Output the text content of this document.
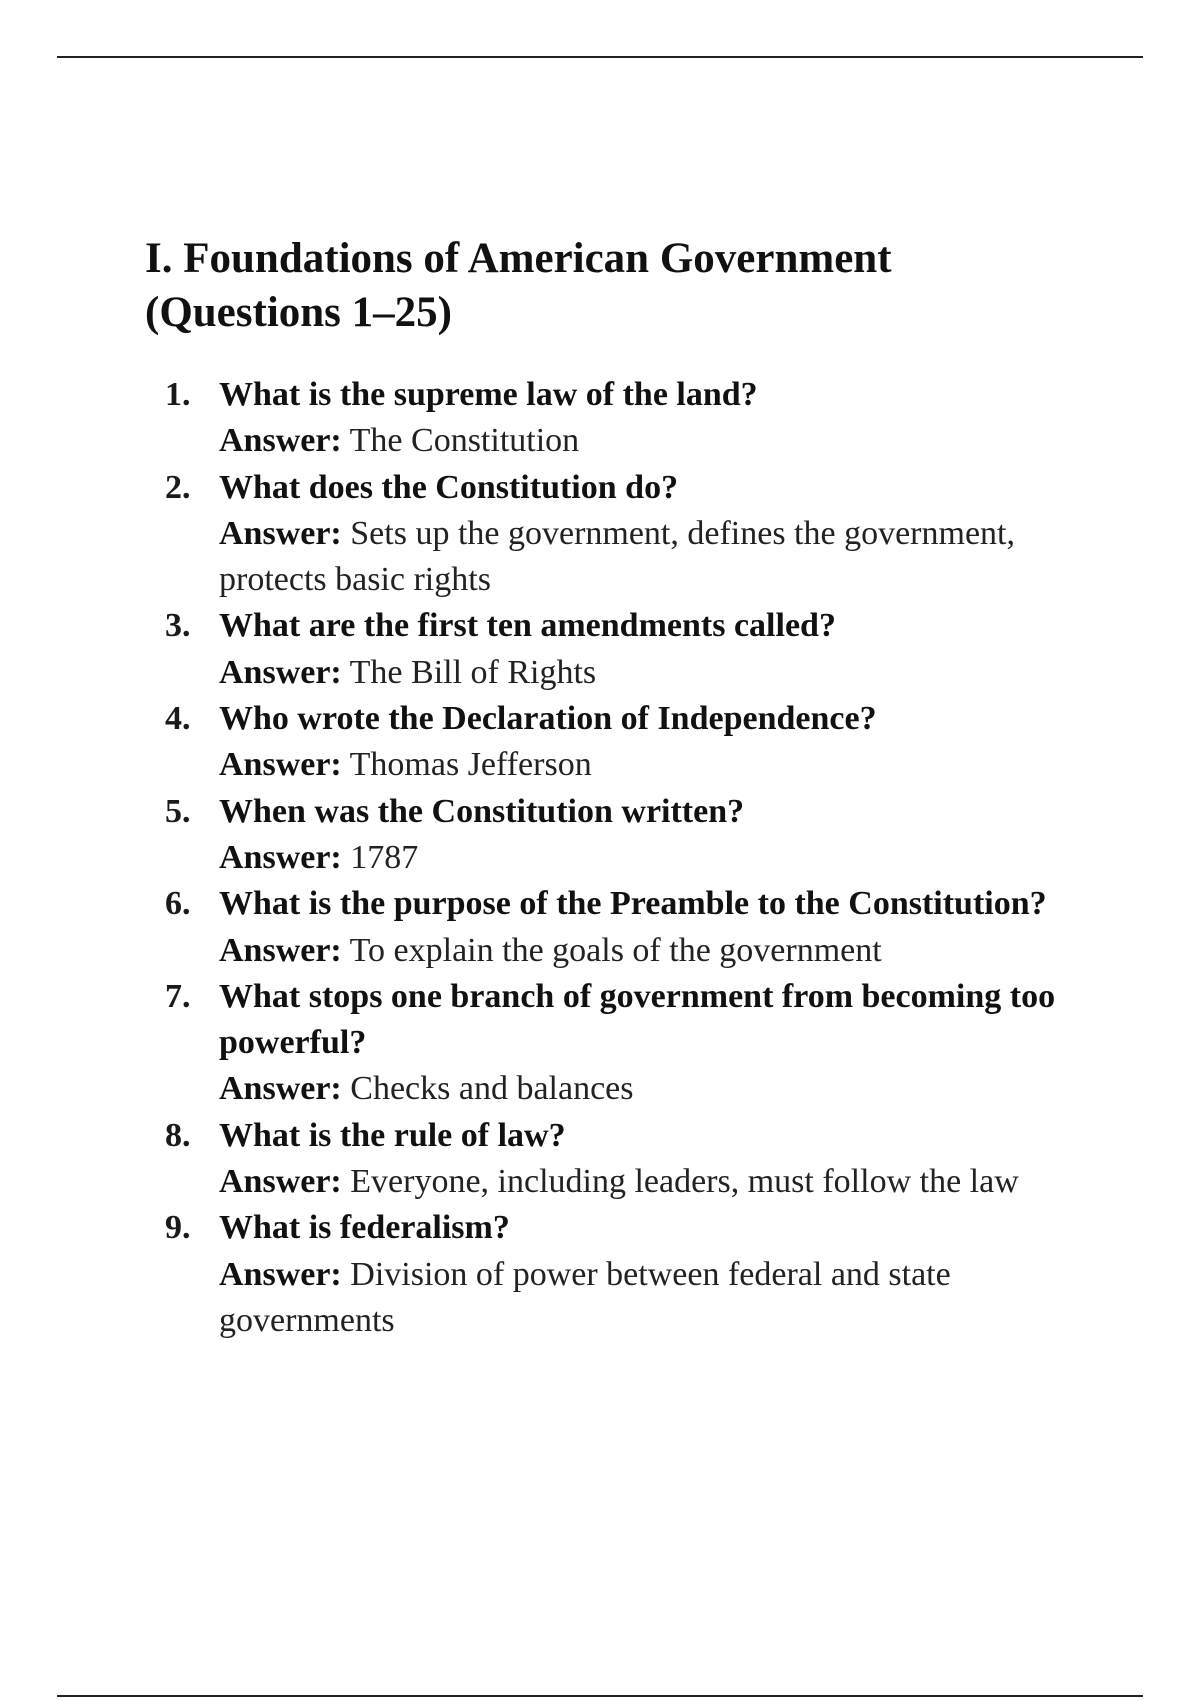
I. Foundations of American Government
(Questions 1–25)
1. What is the supreme law of the land?
Answer: The Constitution
2. What does the Constitution do?
Answer: Sets up the government, defines the government, protects basic rights
3. What are the first ten amendments called?
Answer: The Bill of Rights
4. Who wrote the Declaration of Independence?
Answer: Thomas Jefferson
5. When was the Constitution written?
Answer: 1787
6. What is the purpose of the Preamble to the Constitution?
Answer: To explain the goals of the government
7. What stops one branch of government from becoming too powerful?
Answer: Checks and balances
8. What is the rule of law?
Answer: Everyone, including leaders, must follow the law
9. What is federalism?
Answer: Division of power between federal and state governments
